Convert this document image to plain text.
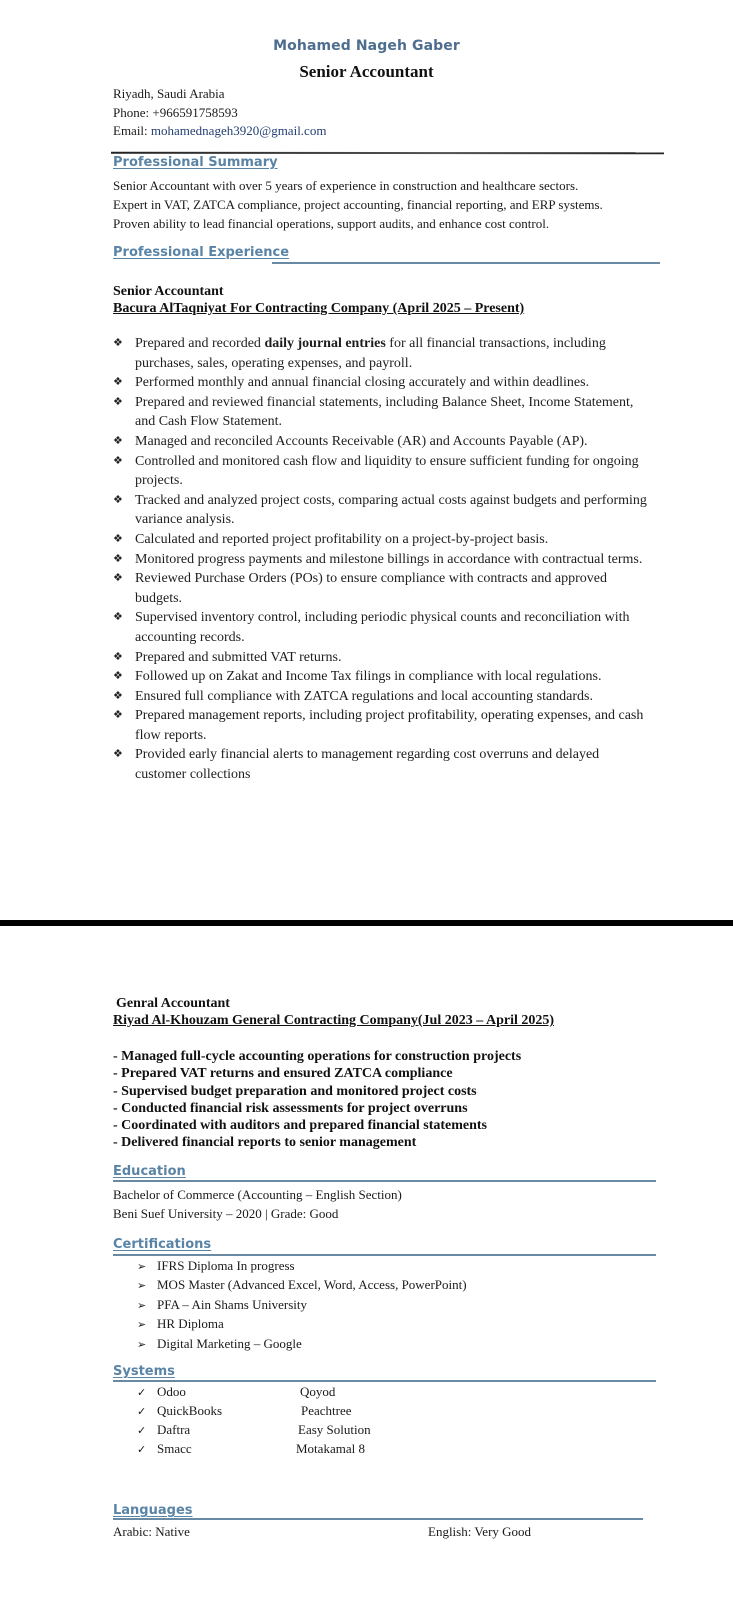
Mohamed Nageh Gaber
Senior Accountant
Riyadh, Saudi Arabia
Phone: +966591758593
Email: mohamednageh3920@gmail.com
Professional Summary
Senior Accountant with over 5 years of experience in construction and healthcare sectors.
Expert in VAT, ZATCA compliance, project accounting, financial reporting, and ERP systems.
Proven ability to lead financial operations, support audits, and enhance cost control.
Professional Experience
Senior Accountant
Bacura AlTaqniyat For Contracting Company (April 2025 – Present)
❖ Prepared and recorded daily journal entries for all financial transactions, including purchases, sales, operating expenses, and payroll.
❖ Performed monthly and annual financial closing accurately and within deadlines.
❖ Prepared and reviewed financial statements, including Balance Sheet, Income Statement, and Cash Flow Statement.
❖ Managed and reconciled Accounts Receivable (AR) and Accounts Payable (AP).
❖ Controlled and monitored cash flow and liquidity to ensure sufficient funding for ongoing projects.
❖ Tracked and analyzed project costs, comparing actual costs against budgets and performing variance analysis.
❖ Calculated and reported project profitability on a project-by-project basis.
❖ Monitored progress payments and milestone billings in accordance with contractual terms.
❖ Reviewed Purchase Orders (POs) to ensure compliance with contracts and approved budgets.
❖ Supervised inventory control, including periodic physical counts and reconciliation with accounting records.
❖ Prepared and submitted VAT returns.
❖ Followed up on Zakat and Income Tax filings in compliance with local regulations.
❖ Ensured full compliance with ZATCA regulations and local accounting standards.
❖ Prepared management reports, including project profitability, operating expenses, and cash flow reports.
❖ Provided early financial alerts to management regarding cost overruns and delayed customer collections
Genral Accountant
Riyad Al-Khouzam General Contracting Company(Jul 2023 – April 2025)
- Managed full-cycle accounting operations for construction projects
- Prepared VAT returns and ensured ZATCA compliance
- Supervised budget preparation and monitored project costs
- Conducted financial risk assessments for project overruns
- Coordinated with auditors and prepared financial statements
- Delivered financial reports to senior management
Education
Bachelor of Commerce (Accounting – English Section)
Beni Suef University – 2020 | Grade: Good
Certifications
➢ IFRS Diploma In progress
➢ MOS Master (Advanced Excel, Word, Access, PowerPoint)
➢ PFA – Ain Shams University
➢ HR Diploma
➢ Digital Marketing – Google
Systems
✓ Odoo	Qoyod
✓ QuickBooks	Peachtree
✓ Daftra	Easy Solution
✓ Smacc	Motakamal 8
Languages
Arabic: Native	English: Very Good
